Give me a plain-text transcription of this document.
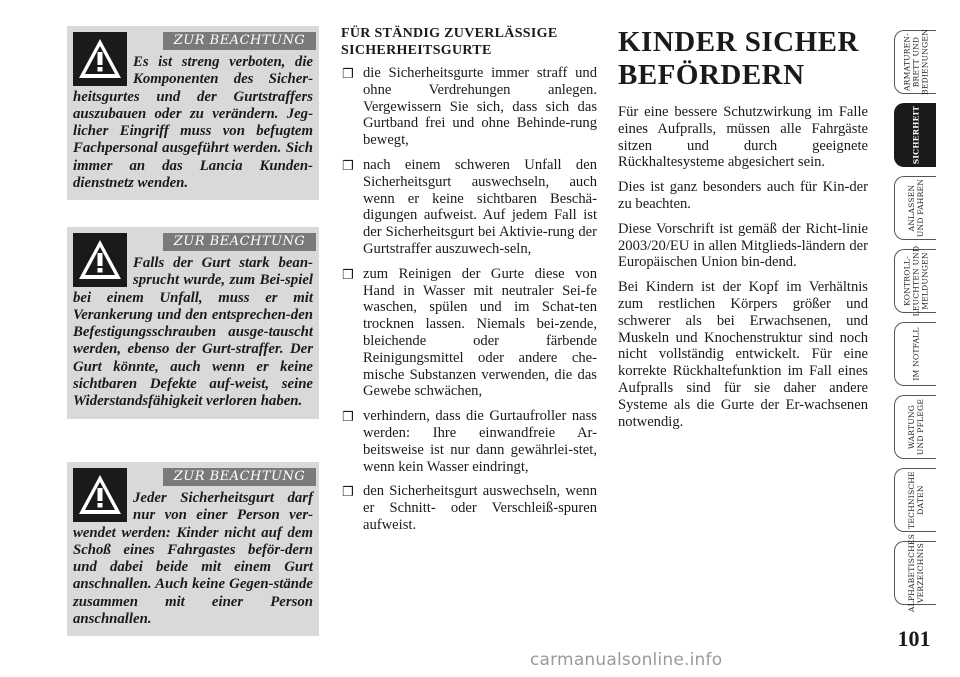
ZUR BEACHTUNG

Es ist streng verboten, die Komponenten des Sicher-heitsgurtes und der Gurtstraffers auszubauen oder zu verändern. Jeg-licher Eingriff muss von befugtem Fachpersonal ausgeführt werden. Sich immer an das Lancia Kunden-dienstnetz wenden.

ZUR BEACHTUNG

Falls der Gurt stark bean-sprucht wurde, zum Bei-spiel bei einem Unfall, muss er mit Verankerung und den entsprechen-den Befestigungsschrauben ausge-tauscht werden, ebenso der Gurt-straffer. Der Gurt könnte, auch wenn er keine sichtbaren Defekte auf-weist, seine Widerstandsfähigkeit verloren haben.

ZUR BEACHTUNG

Jeder Sicherheitsgurt darf nur von einer Person ver-wendet werden: Kinder nicht auf dem Schoß eines Fahrgastes beför-dern und dabei beide mit einem Gurt anschnallen. Auch keine Gegen-stände zusammen mit einer Person anschnallen.

FÜR STÄNDIG ZUVERLÄSSIGE SICHERHEITSGURTE
❒ die Sicherheitsgurte immer straff und ohne Verdrehungen anlegen. Vergewissern Sie sich, dass sich das Gurtband frei und ohne Behinde-rung bewegt,
❒ nach einem schweren Unfall den Sicherheitsgurt auswechseln, auch wenn er keine sichtbaren Beschä-digungen aufweist. Auf jedem Fall ist der Sicherheitsgurt bei Aktivie-rung der Gurtstraffer auszuwech-seln,
❒ zum Reinigen der Gurte diese von Hand in Wasser mit neutraler Sei-fe waschen, spülen und im Schat-ten trocknen lassen. Niemals bei-zende, bleichende oder färbende Reinigungsmittel oder andere che-mische Substanzen verwenden, die das Gewebe schwächen,
❒ verhindern, dass die Gurtaufroller nass werden: Ihre einwandfreie Ar-beitsweise ist nur dann gewährlei-stet, wenn kein Wasser eindringt,
❒ den Sicherheitsgurt auswechseln, wenn er Schnitt- oder Verschleiß-spuren aufweist.
KINDER SICHER BEFÖRDERN

Für eine bessere Schutzwirkung im Falle eines Aufpralls, müssen alle Fahrgäste sitzen und durch geeignete Rückhaltesysteme abgesichert sein.

Dies ist ganz besonders auch für Kin-der zu beachten.

Diese Vorschrift ist gemäß der Richt-linie 2003/20/EU in allen Mitglieds-ländern der Europäischen Union bin-dend.

Bei Kindern ist der Kopf im Verhältnis zum restlichen Körpers größer und schwerer als bei Erwachsenen, und Muskeln und Knochenstruktur sind noch nicht vollständig entwickelt. Für eine korrekte Rückhaltefunktion im Fall eines Aufpralls sind für sie daher andere Systeme als die Gurte der Er-wachsenen notwendig.

ARMATUREN- BRETT UND BEDIENUNGEN
SICHERHEIT
ANLASSEN UND FAHREN
KONTROLL- LEUCHTEN UND MELDUNGEN
IM NOTFALL
WARTUNG UND PFLEGE
TECHNISCHE DATEN
ALPHABETISCHES VERZEICHNIS
101
carmanualsonline.info
